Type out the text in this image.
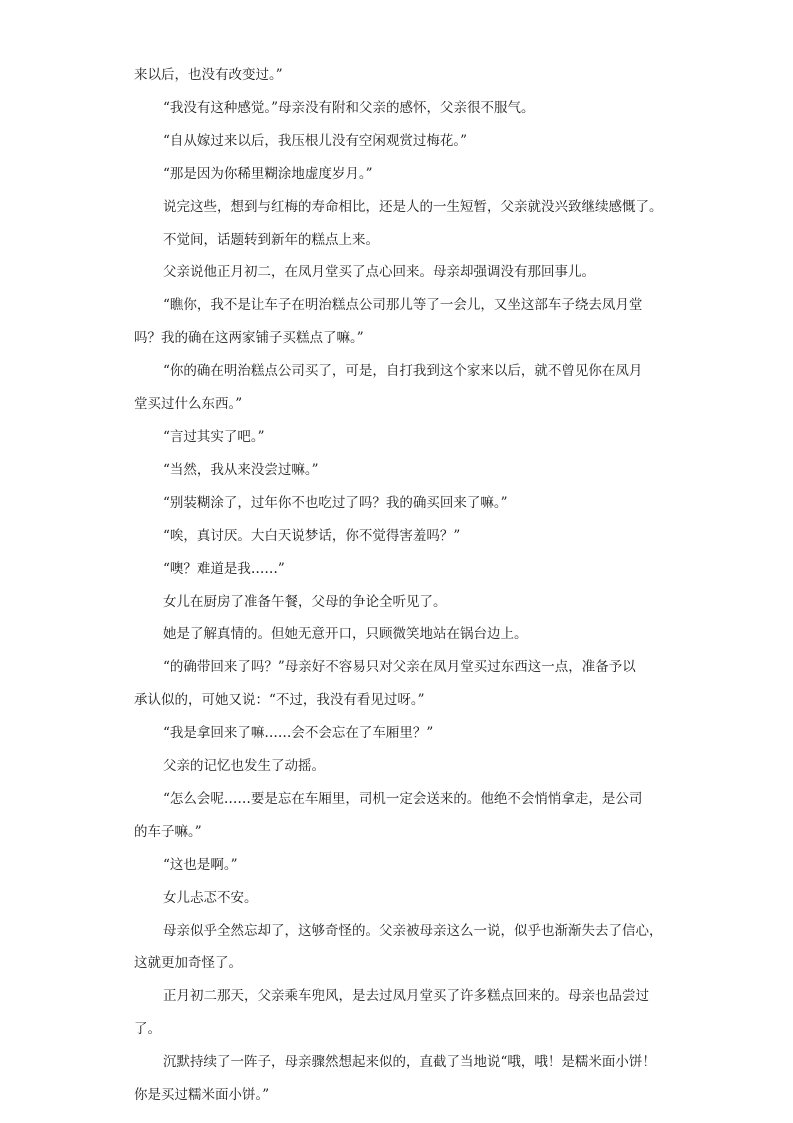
来以后，也没有改变过。”
“我没有这种感觉。”母亲没有附和父亲的感怀，父亲很不服气。
“自从嫁过来以后，我压根儿没有空闲观赏过梅花。”
“那是因为你稀里糊涂地虚度岁月。”
说完这些，想到与红梅的寿命相比，还是人的一生短暂，父亲就没兴致继续感慨了。
不觉间，话题转到新年的糕点上来。
父亲说他正月初二，在凤月堂买了点心回来。母亲却强调没有那回事儿。
“瞧你，我不是让车子在明治糕点公司那儿等了一会儿，又坐这部车子绕去凤月堂
吗？我的确在这两家铺子买糕点了嘛。”
“你的确在明治糕点公司买了，可是，自打我到这个家来以后，就不曾见你在凤月
堂买过什么东西。”
“言过其实了吧。”
“当然，我从来没尝过嘛。”
“别装糊涂了，过年你不也吃过了吗？我的确买回来了嘛。”
“唉，真讨厌。大白天说梦话，你不觉得害羞吗？”
“噢？难道是我……”
女儿在厨房了准备午餐，父母的争论全听见了。
她是了解真情的。但她无意开口，只顾微笑地站在锅台边上。
“的确带回来了吗？”母亲好不容易只对父亲在凤月堂买过东西这一点，准备予以
承认似的，可她又说：“不过，我没有看见过呀。”
“我是拿回来了嘛……会不会忘在了车厢里？”
父亲的记忆也发生了动摇。
“怎么会呢……要是忘在车厢里，司机一定会送来的。他绝不会悄悄拿走，是公司
的车子嘛。”
“这也是啊。”
女儿忐忑不安。
母亲似乎全然忘却了，这够奇怪的。父亲被母亲这么一说，似乎也渐渐失去了信心，
这就更加奇怪了。
正月初二那天，父亲乘车兜风，是去过凤月堂买了许多糕点回来的。母亲也品尝过
了。
沉默持续了一阵子，母亲骤然想起来似的，直截了当地说“哦，哦！是糯米面小饼！
你是买过糯米面小饼。”
